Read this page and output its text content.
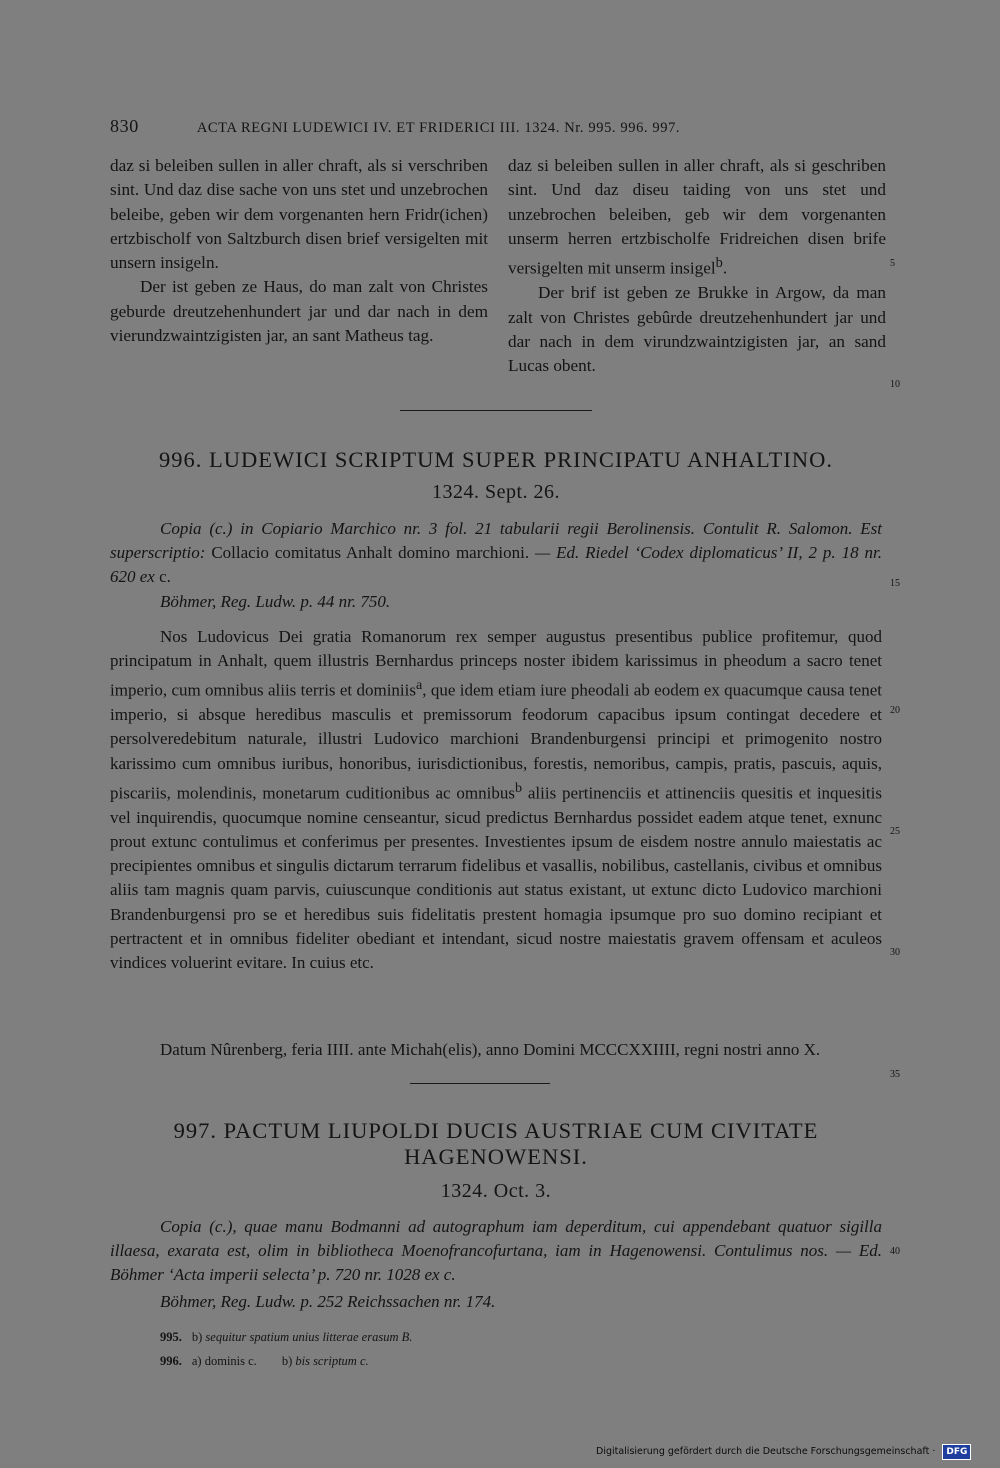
830	ACTA REGNI LUDEWICI IV. ET FRIDERICI III. 1324. Nr. 995. 996. 997.

daz si beleiben sullen in aller chraft, als si verschriben sint. Und daz dise sache von uns stet und unzebrochen beleibe, geben wir dem vorgenanten hern Fridr(ichen) ertzbischolf von Saltzburch disen brief versigelten mit unsern insigeln.

Der ist geben ze Haus, do man zalt von Christes geburde dreutzehenhundert jar und dar nach in dem vierundzwaintzigisten jar, an sant Matheus tag.

daz si beleiben sullen in aller chraft, als si geschriben sint. Und daz diseu taiding von uns stet und unzebrochen beleiben, geb wir dem vorgenanten unserm herren ertzbischolfe Fridreichen disen brife versigelten mit unserm insigel$^b$.

Der brif ist geben ze Brukke in Argow, da man zalt von Christes gebûrde dreutzehenhundert jar und dar nach in dem virundzwaintzigisten jar, an sand Lucas obent.

5
10
996. LUDEWICI SCRIPTUM SUPER PRINCIPATU ANHALTINO.
1324. Sept. 26.

Copia (c.) in Copiario Marchico nr. 3 fol. 21 tabularii regii Berolinensis. Contulit R. Salomon. Est superscriptio: Collacio comitatus Anhalt domino marchioni. — Ed. Riedel ‘Codex diplomaticus’ II, 2 p. 18 nr. 620 ex c.	15
Böhmer, Reg. Ludw. p. 44 nr. 750.

Nos Ludovicus Dei gratia Romanorum rex semper augustus presentibus publice profitemur, quod principatum in Anhalt, quem illustris Bernhardus princeps noster ibidem karissimus in pheodum a sacro tenet imperio, cum omnibus aliis terris et dominiis$^a$, que idem etiam iure pheodali ab eodem ex quacumque causa tenet imperio, si absque heredibus masculis et premissorum feodorum capacibus ipsum contingat decedere et persolveredebitum naturale, illustri Ludovico marchioni Brandenburgensi principi et primogenito nostro karissimo cum omnibus iuribus, honoribus, iurisdictionibus, forestis, nemoribus, campis, pratis, pascuis, aquis, piscariis, molendinis, monetarum cuditionibus ac omnibus$^b$ aliis pertinenciis et attinenciis quesitis et inquesitis vel inquirendis, quocumque nomine censeantur, sicud predictus Bernhardus possidet eadem atque tenet, exnunc prout extunc contulimus et conferimus per presentes. Investientes ipsum de eisdem nostre annulo maiestatis ac precipientes omnibus et singulis dictarum terrarum fidelibus et vasallis, nobilibus, castellanis, civibus et omnibus aliis tam magnis quam parvis, cuiuscunque conditionis aut status existant, ut extunc dicto Ludovico marchioni Brandenburgensi pro se et heredibus suis fidelitatis prestent homagia ipsumque pro suo domino recipiant et pertractent et in omnibus fideliter obediant et intendant, sicud nostre maiestatis gravem offensam et aculeos vindices voluerint evitare. In cuius etc.

Datum Nûrenberg, feria IIII. ante Michah(elis), anno Domini MCCCXXIIII, regni nostri anno X.

20
25
30
35
997. PACTUM LIUPOLDI DUCIS AUSTRIAE CUM CIVITATE
HAGENOWENSI.
1324. Oct. 3.

Copia (c.), quae manu Bodmanni ad autographum iam deperditum, cui appendebant quatuor sigilla illaesa, exarata est, olim in bibliotheca Moenofrancofurtana, iam in Hagenowensi. Contulimus nos. — Ed. Böhmer ‘Acta imperii selecta’ p. 720 nr. 1028 ex c.

40
Böhmer, Reg. Ludw. p. 252 Reichssachen nr. 174.
995. b) sequitur spatium unius litterae erasum B.
996. a) dominis c. b) bis scriptum c.
Digitalisierung gefördert durch die Deutsche Forschungsgemeinschaft · DFG
